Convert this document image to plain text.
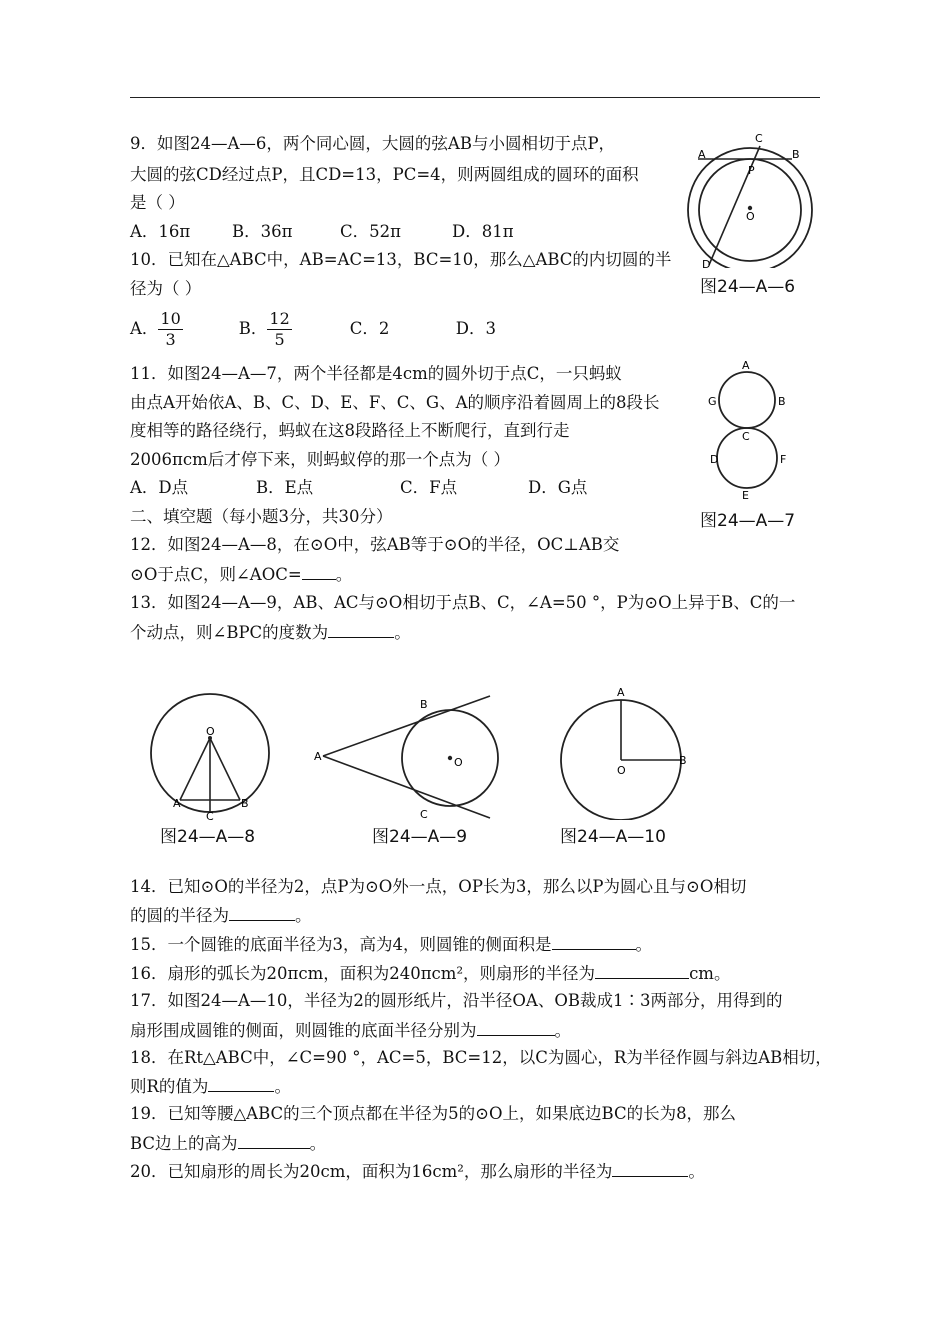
9．如图24—A—6，两个同心圆，大圆的弦AB与小圆相切于点P，
大圆的弦CD经过点P，且CD=13，PC=4，则两圆组成的圆环的面积
是（ ）
A．16π	B．36π	C．52π	D．81π
10．已知在△ABC中，AB=AC=13，BC=10，那么△ABC的内切圆的半
径为（ ）
A． $\frac{10}{3}$	B． $\frac{12}{5}$	C．2	D．3
11．如图24—A—7，两个半径都是4cm的圆外切于点C，一只蚂蚁
由点A开始依A、B、C、D、E、F、C、G、A的顺序沿着圆周上的8段长
度相等的路径绕行，蚂蚁在这8段路径上不断爬行，直到行走
2006πcm后才停下来，则蚂蚁停的那一个点为（ ）
A．D点	B．E点	C．F点	D．G点
二、填空题（每小题3分，共30分）
12．如图24—A—8，在⊙O中，弦AB等于⊙O的半径，OC⊥AB交
⊙O于点C，则∠AOC= 。
13．如图24—A—9，AB、AC与⊙O相切于点B、C，∠A=50 °，P为⊙O上异于B、C的一
个动点，则∠BPC的度数为	。
14．已知⊙O的半径为2，点P为⊙O外一点，OP长为3，那么以P为圆心且与⊙O相切
的圆的半径为	。
15．一个圆锥的底面半径为3，高为4，则圆锥的侧面积是	。
16．扇形的弧长为20πcm，面积为240πcm²，则扇形的半径为	cm。
17．如图24—A—10，半径为2的圆形纸片，沿半径OA、OB裁成1∶3两部分，用得到的
扇形围成圆锥的侧面，则圆锥的底面半径分别为	。
18．在Rt△ABC中，∠C=90 °，AC=5，BC=12，以C为圆心，R为半径作圆与斜边AB相切，
则R的值为	。
19．已知等腰△ABC的三个顶点都在半径为5的⊙O上，如果底边BC的长为8，那么
BC边上的高为	。
20．已知扇形的周长为20cm，面积为16cm²，那么扇形的半径为	。
A	B
C
P
O
D
图24—A—6
A
G	B
C
D	F
E
图24—A—7
O
A
C
B
图24—A—8
B
A	O
C
图24—A—9
A
O
B
图24—A—10
